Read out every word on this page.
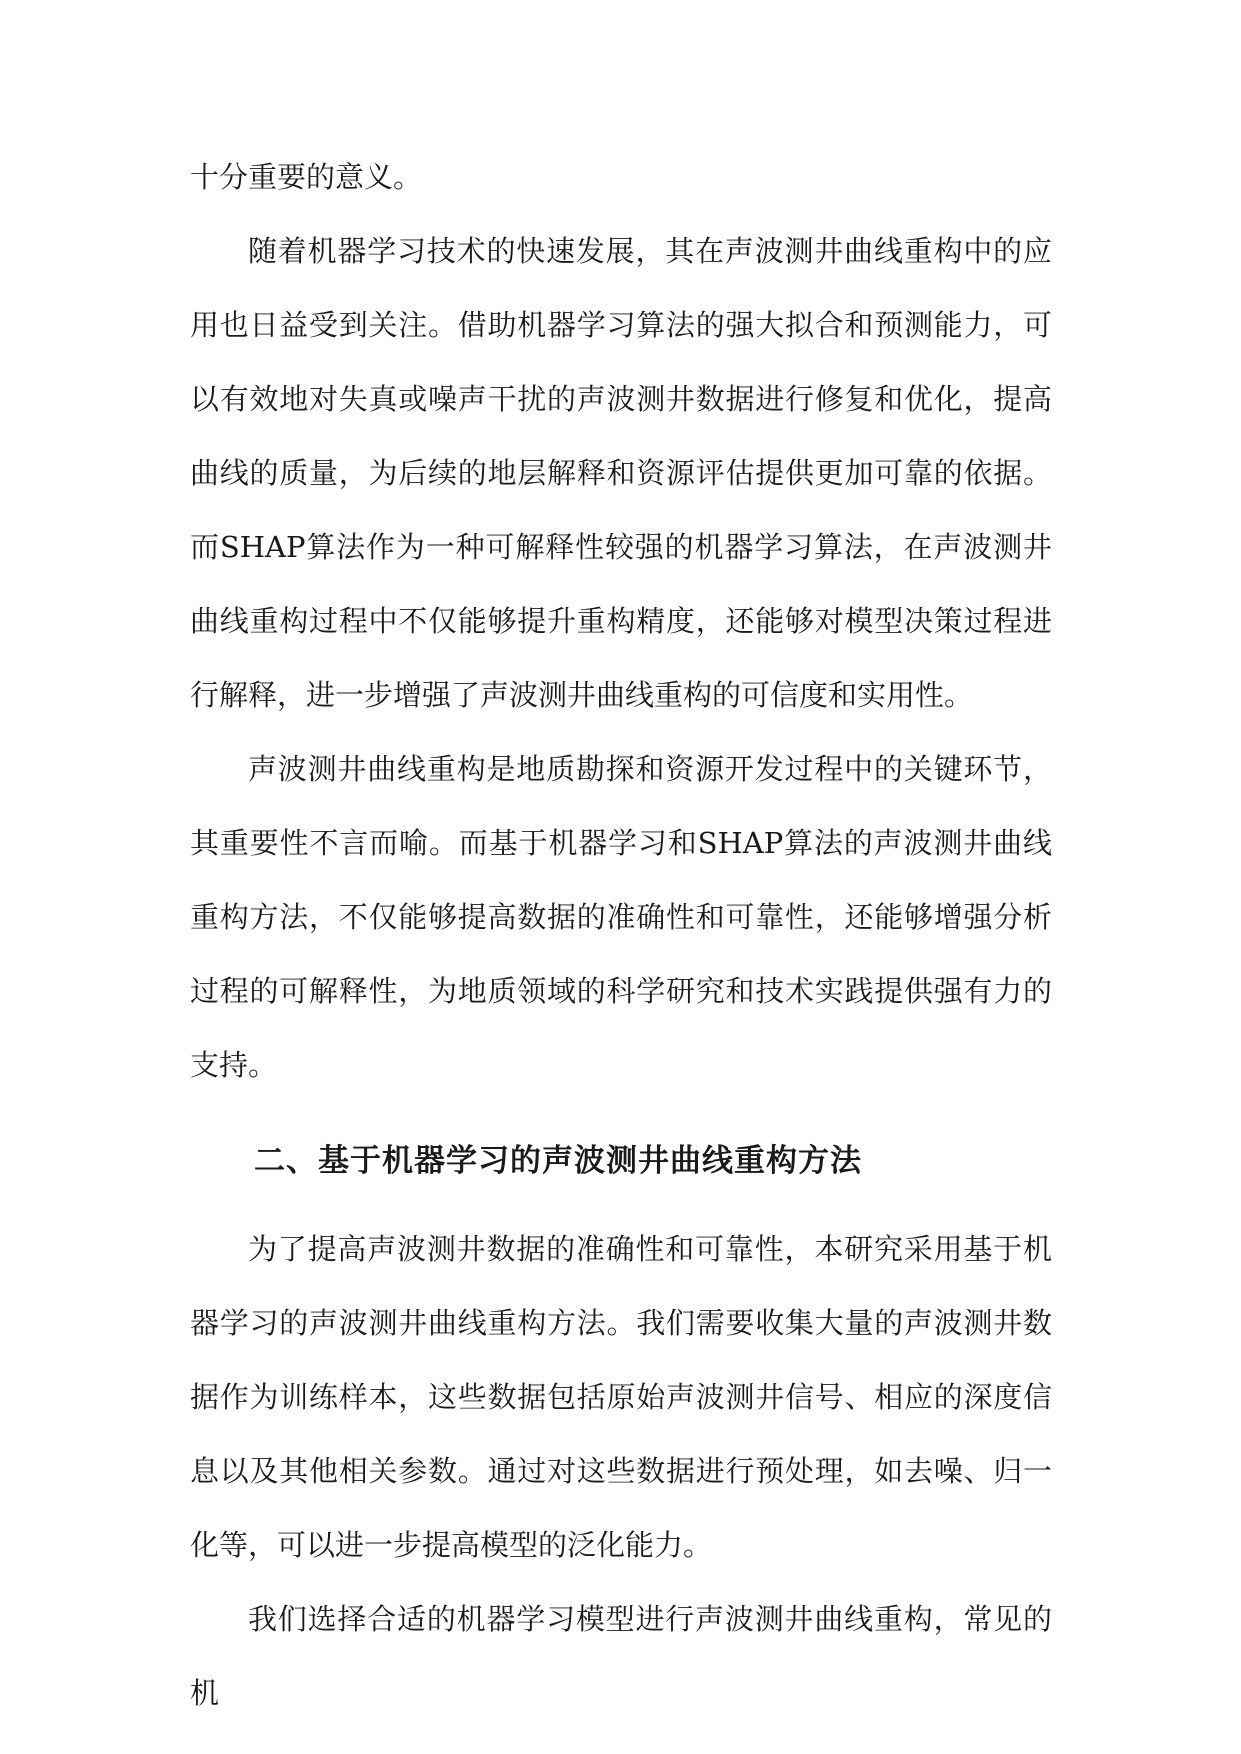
十分重要的意义。

随着机器学习技术的快速发展，其在声波测井曲线重构中的应用也日益受到关注。借助机器学习算法的强大拟合和预测能力，可以有效地对失真或噪声干扰的声波测井数据进行修复和优化，提高曲线的质量，为后续的地层解释和资源评估提供更加可靠的依据。而SHAP算法作为一种可解释性较强的机器学习算法，在声波测井曲线重构过程中不仅能够提升重构精度，还能够对模型决策过程进行解释，进一步增强了声波测井曲线重构的可信度和实用性。

声波测井曲线重构是地质勘探和资源开发过程中的关键环节，其重要性不言而喻。而基于机器学习和SHAP算法的声波测井曲线重构方法，不仅能够提高数据的准确性和可靠性，还能够增强分析过程的可解释性，为地质领域的科学研究和技术实践提供强有力的支持。

二、基于机器学习的声波测井曲线重构方法

为了提高声波测井数据的准确性和可靠性，本研究采用基于机器学习的声波测井曲线重构方法。我们需要收集大量的声波测井数据作为训练样本，这些数据包括原始声波测井信号、相应的深度信息以及其他相关参数。通过对这些数据进行预处理，如去噪、归一化等，可以进一步提高模型的泛化能力。

我们选择合适的机器学习模型进行声波测井曲线重构，常见的机
